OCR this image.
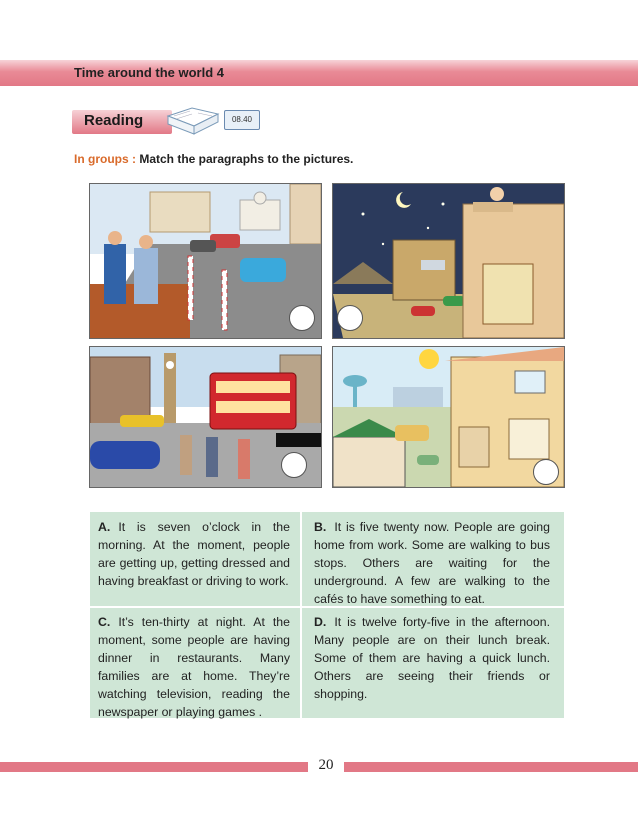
Time around the world 4
Reading	08.40
In groups : Match the paragraphs to the pictures.
A. It is seven o’clock in the morning. At the moment, people are getting up, getting dressed and having breakfast or driving to work.
B. It is five twenty now. People are going home from work. Some are walking to bus stops. Others are waiting for the underground. A few are walking to the cafés to have something to eat.
C. It’s ten-thirty at night. At the moment, some people are having dinner in restaurants. Many families are at home. They’re watching television, reading the newspaper or playing games .
D. It is twelve forty-five in the afternoon. Many people are on their lunch break. Some of them are having a quick lunch. Others are seeing their friends or shopping.
20
